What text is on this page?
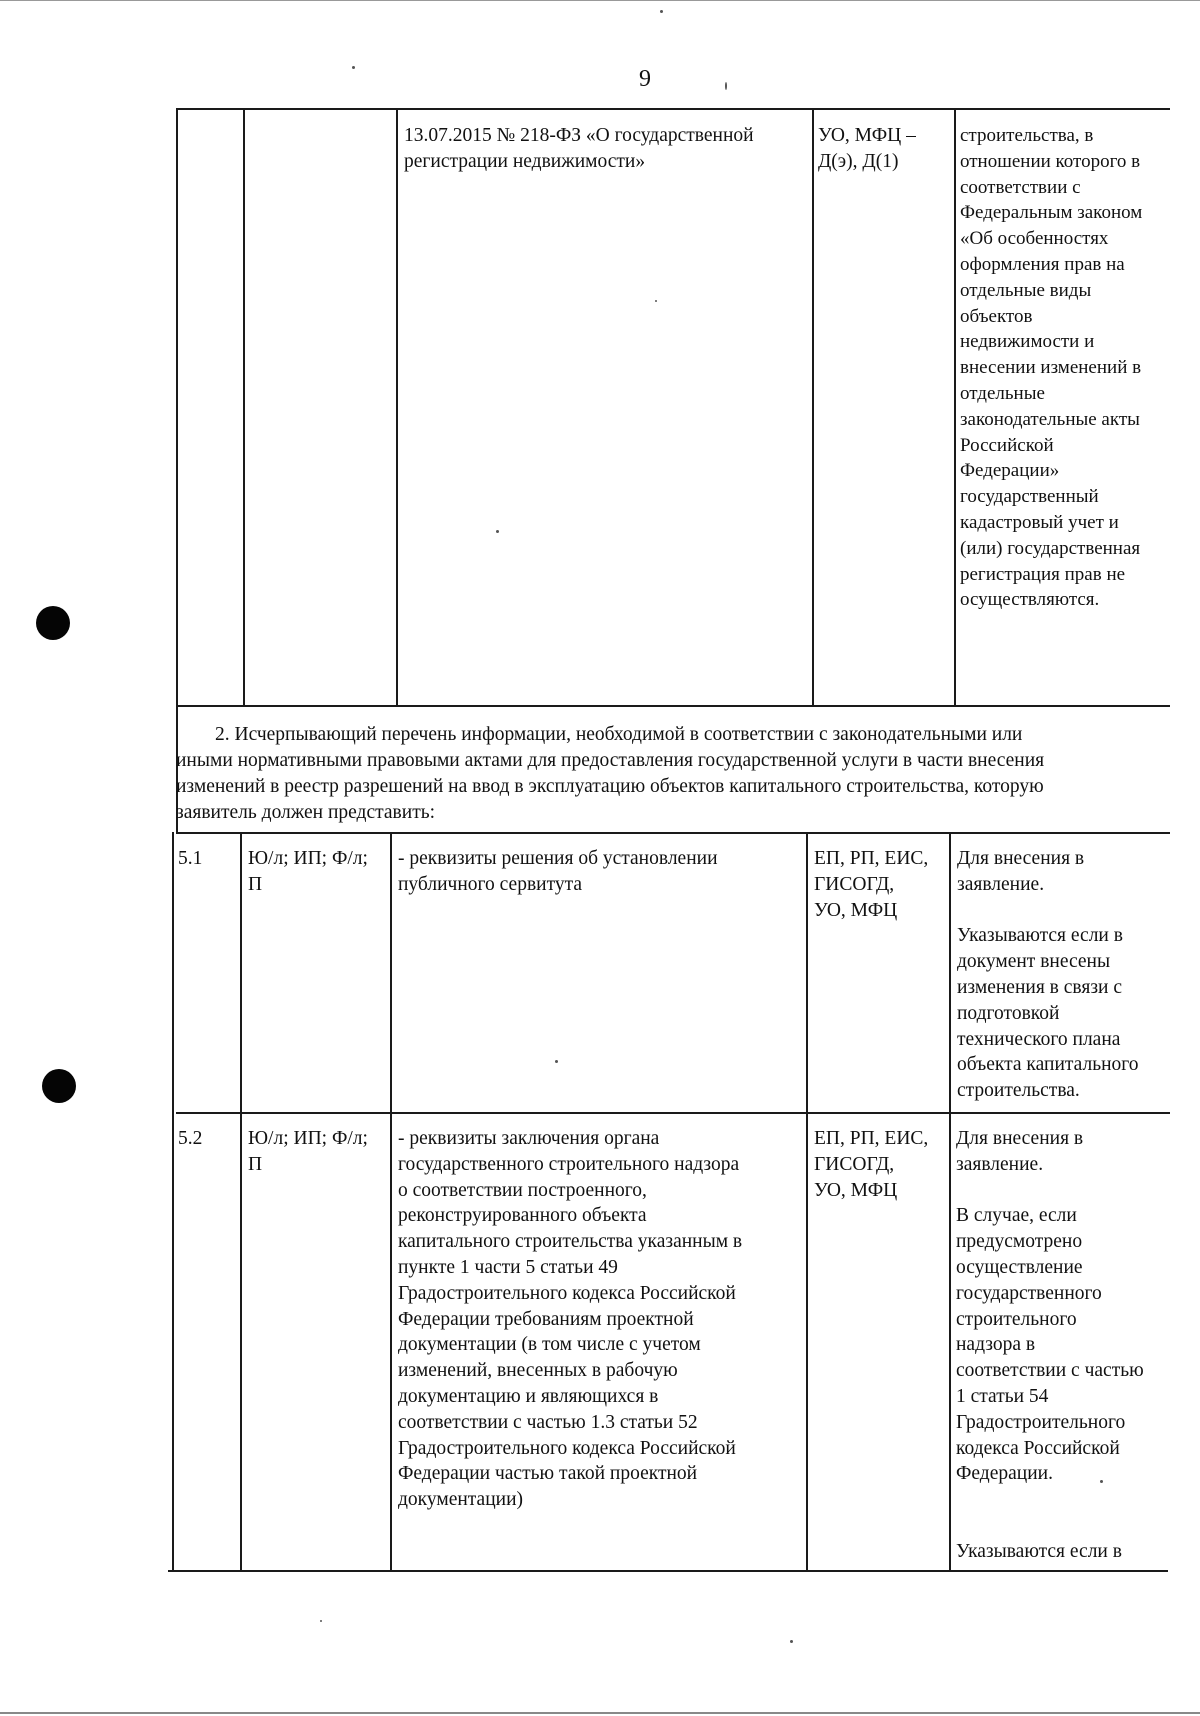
9
13.07.2015 № 218-ФЗ «О государственной
регистрации недвижимости»
УО, МФЦ –
Д(э), Д(1)
строительства, в
отношении которого в
соответствии с
Федеральным законом
«Об особенностях
оформления прав на
отдельные виды
объектов
недвижимости и
внесении изменений в
отдельные
законодательные акты
Российской
Федерации»
государственный
кадастровый учет и
(или) государственная
регистрация прав не
осуществляются.
2. Исчерпывающий перечень информации, необходимой в соответствии с законодательными или
иными нормативными правовыми актами для предоставления государственной услуги в части внесения
изменений в реестр разрешений на ввод в эксплуатацию объектов капитального строительства, которую
заявитель должен представить:
5.1	Ю/л; ИП; Ф/л;
П
- реквизиты решения об установлении
публичного сервитута
ЕП, РП, ЕИС,
ГИСОГД,
УО, МФЦ
Для внесения в
заявление.

Указываются если в
документ внесены
изменения в связи с
подготовкой
технического плана
объекта капитального
строительства.
5.2	Ю/л; ИП; Ф/л;
П
- реквизиты заключения органа
государственного строительного надзора
о соответствии построенного,
реконструированного объекта
капитального строительства указанным в
пункте 1 части 5 статьи 49
Градостроительного кодекса Российской
Федерации требованиям проектной
документации (в том числе с учетом
изменений, внесенных в рабочую
документацию и являющихся в
соответствии с частью 1.3 статьи 52
Градостроительного кодекса Российской
Федерации частью такой проектной
документации)
ЕП, РП, ЕИС,
ГИСОГД,
УО, МФЦ
Для внесения в
заявление.

В случае, если
предусмотрено
осуществление
государственного
строительного
надзора в
соответствии с частью
1 статьи 54
Градостроительного
кодекса Российской
Федерации.

Указываются если в
